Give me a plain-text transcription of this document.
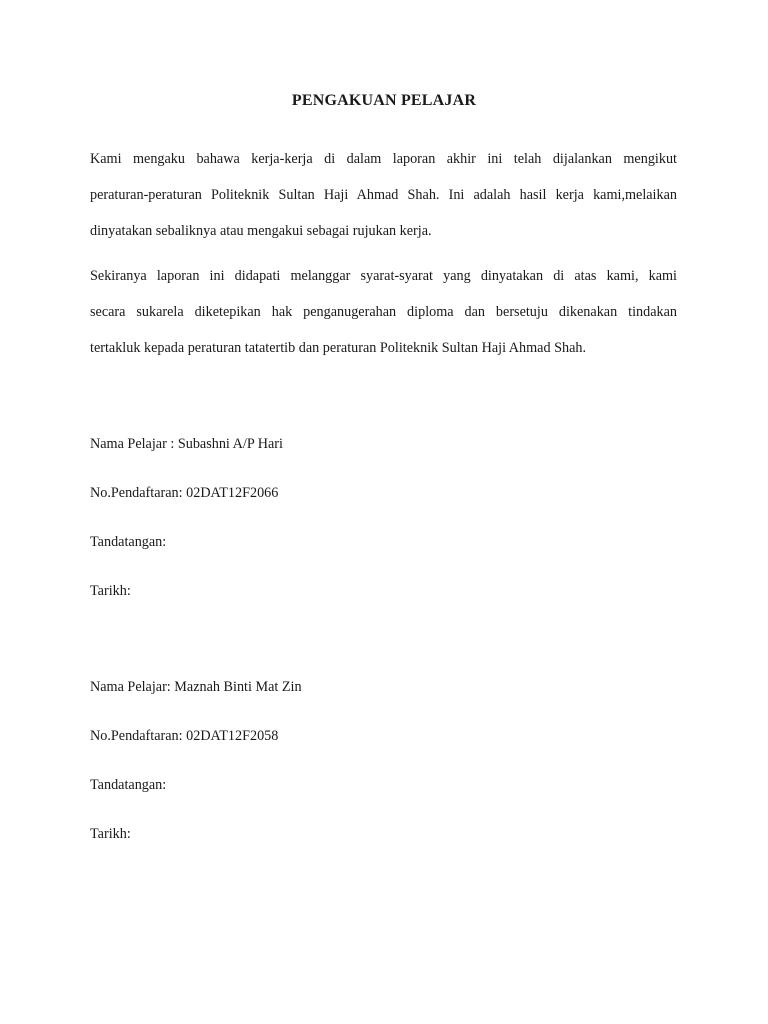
PENGAKUAN PELAJAR
Kami mengaku bahawa kerja-kerja di dalam laporan akhir ini telah dijalankan mengikut
peraturan-peraturan Politeknik Sultan Haji Ahmad Shah. Ini adalah hasil kerja kami,melaikan
dinyatakan sebaliknya atau mengakui sebagai rujukan kerja.
Sekiranya laporan ini didapati melanggar syarat-syarat yang dinyatakan di atas kami, kami
secara sukarela diketepikan hak penganugerahan diploma dan bersetuju dikenakan tindakan
tertakluk kepada peraturan tatatertib dan peraturan Politeknik Sultan Haji Ahmad Shah.
Nama Pelajar : Subashni A/P Hari
No.Pendaftaran: 02DAT12F2066
Tandatangan:
Tarikh:
Nama Pelajar: Maznah Binti Mat Zin
No.Pendaftaran: 02DAT12F2058
Tandatangan:
Tarikh:
